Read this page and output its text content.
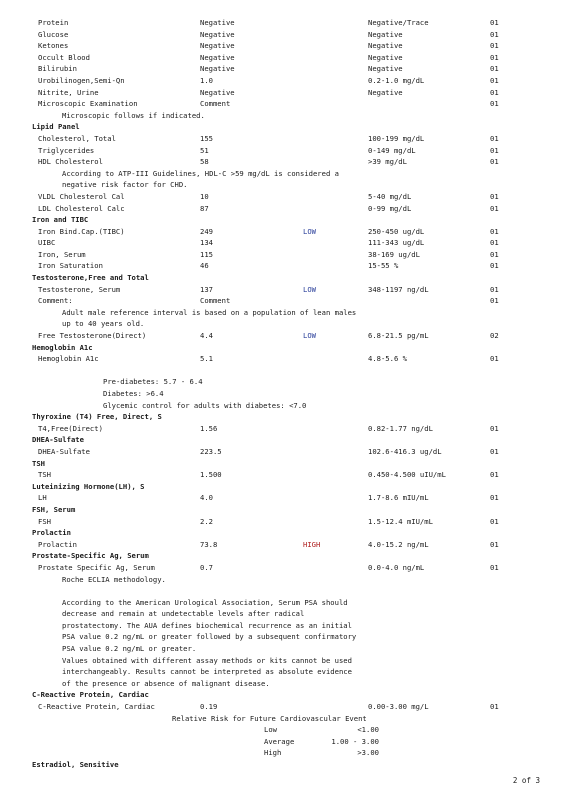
Protein	Negative	Negative/Trace	01
Glucose	Negative	Negative	01
Ketones	Negative	Negative	01
Occult Blood	Negative	Negative	01
Bilirubin	Negative	Negative	01
Urobilinogen,Semi-Qn	1.0	0.2-1.0 mg/dL	01
Nitrite, Urine	Negative	Negative	01
Microscopic Examination	Comment	01
Microscopic follows if indicated.
Lipid Panel
Cholesterol, Total	155	100-199 mg/dL	01
Triglycerides	51	0-149 mg/dL	01
HDL Cholesterol	58	>39 mg/dL	01
According to ATP-III Guidelines, HDL-C >59 mg/dL is considered a
negative risk factor for CHD.
VLDL Cholesterol Cal	10	5-40 mg/dL	01
LDL Cholesterol Calc	87	0-99 mg/dL	01
Iron and TIBC
Iron Bind.Cap.(TIBC)	249	LOW	250-450 ug/dL	01
UIBC	134	111-343 ug/dL	01
Iron, Serum	115	38-169 ug/dL	01
Iron Saturation	46	15-55 %	01
Testosterone,Free and Total
Testosterone, Serum	137	LOW	348-1197 ng/dL	01
Comment:	Comment	01
Adult male reference interval is based on a population of lean males
up to 40 years old.
Free Testosterone(Direct)	4.4	LOW	6.8-21.5 pg/mL	02
Hemoglobin A1c
Hemoglobin A1c	5.1	4.8-5.6 %	01
Pre-diabetes: 5.7 - 6.4
Diabetes: >6.4
Glycemic control for adults with diabetes: <7.0
Thyroxine (T4) Free, Direct, S
T4,Free(Direct)	1.56	0.82-1.77 ng/dL	01
DHEA-Sulfate
DHEA-Sulfate	223.5	102.6-416.3 ug/dL	01
TSH
TSH	1.500	0.450-4.500 uIU/mL	01
Luteinizing Hormone(LH), S
LH	4.0	1.7-8.6 mIU/mL	01
FSH, Serum
FSH	2.2	1.5-12.4 mIU/mL	01
Prolactin
Prolactin	73.8	HIGH	4.0-15.2 ng/mL	01
Prostate-Specific Ag, Serum
Prostate Specific Ag, Serum	0.7	0.0-4.0 ng/mL	01
Roche ECLIA methodology.
According to the American Urological Association, Serum PSA should
decrease and remain at undetectable levels after radical
prostatectomy. The AUA defines biochemical recurrence as an initial
PSA value 0.2 ng/mL or greater followed by a subsequent confirmatory
PSA value 0.2 ng/mL or greater.
Values obtained with different assay methods or kits cannot be used
interchangeably. Results cannot be interpreted as absolute evidence
of the presence or absence of malignant disease.
C-Reactive Protein, Cardiac
C-Reactive Protein, Cardiac	0.19	0.00-3.00 mg/L	01
Relative Risk for Future Cardiovascular Event
Low	<1.00
Average	1.00 - 3.00
High	>3.00
Estradiol, Sensitive
2 of 3
